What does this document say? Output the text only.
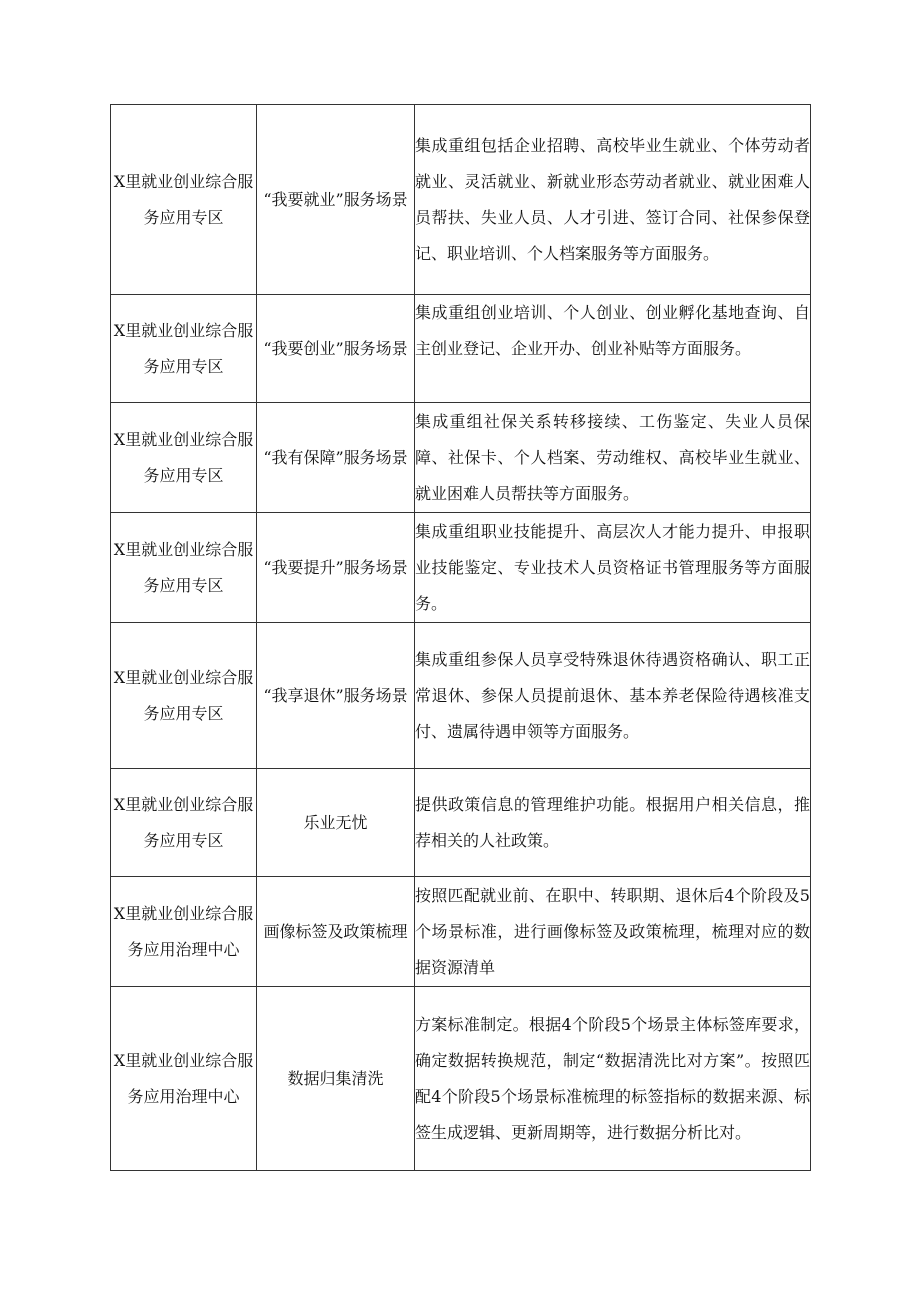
X里就业创业综合服务应用专区	“我要就业”服务场景	集成重组包括企业招聘、高校毕业生就业、个体劳动者就业、灵活就业、新就业形态劳动者就业、就业困难人员帮扶、失业人员、人才引进、签订合同、社保参保登记、职业培训、个人档案服务等方面服务。
X里就业创业综合服务应用专区	“我要创业”服务场景	集成重组创业培训、个人创业、创业孵化基地查询、自主创业登记、企业开办、创业补贴等方面服务。
X里就业创业综合服务应用专区	“我有保障”服务场景	集成重组社保关系转移接续、工伤鉴定、失业人员保障、社保卡、个人档案、劳动维权、高校毕业生就业、就业困难人员帮扶等方面服务。
X里就业创业综合服务应用专区	“我要提升”服务场景	集成重组职业技能提升、高层次人才能力提升、申报职业技能鉴定、专业技术人员资格证书管理服务等方面服务。
X里就业创业综合服务应用专区	“我享退休”服务场景	集成重组参保人员享受特殊退休待遇资格确认、职工正常退休、参保人员提前退休、基本养老保险待遇核准支付、遗属待遇申领等方面服务。
X里就业创业综合服务应用专区	乐业无忧	提供政策信息的管理维护功能。根据用户相关信息，推荐相关的人社政策。
X里就业创业综合服务应用治理中心	画像标签及政策梳理	按照匹配就业前、在职中、转职期、退休后4个阶段及5个场景标准，进行画像标签及政策梳理，梳理对应的数据资源清单
X里就业创业综合服务应用治理中心	数据归集清洗	方案标准制定。根据4个阶段5个场景主体标签库要求，确定数据转换规范，制定“数据清洗比对方案”。按照匹配4个阶段5个场景标准梳理的标签指标的数据来源、标签生成逻辑、更新周期等，进行数据分析比对。
